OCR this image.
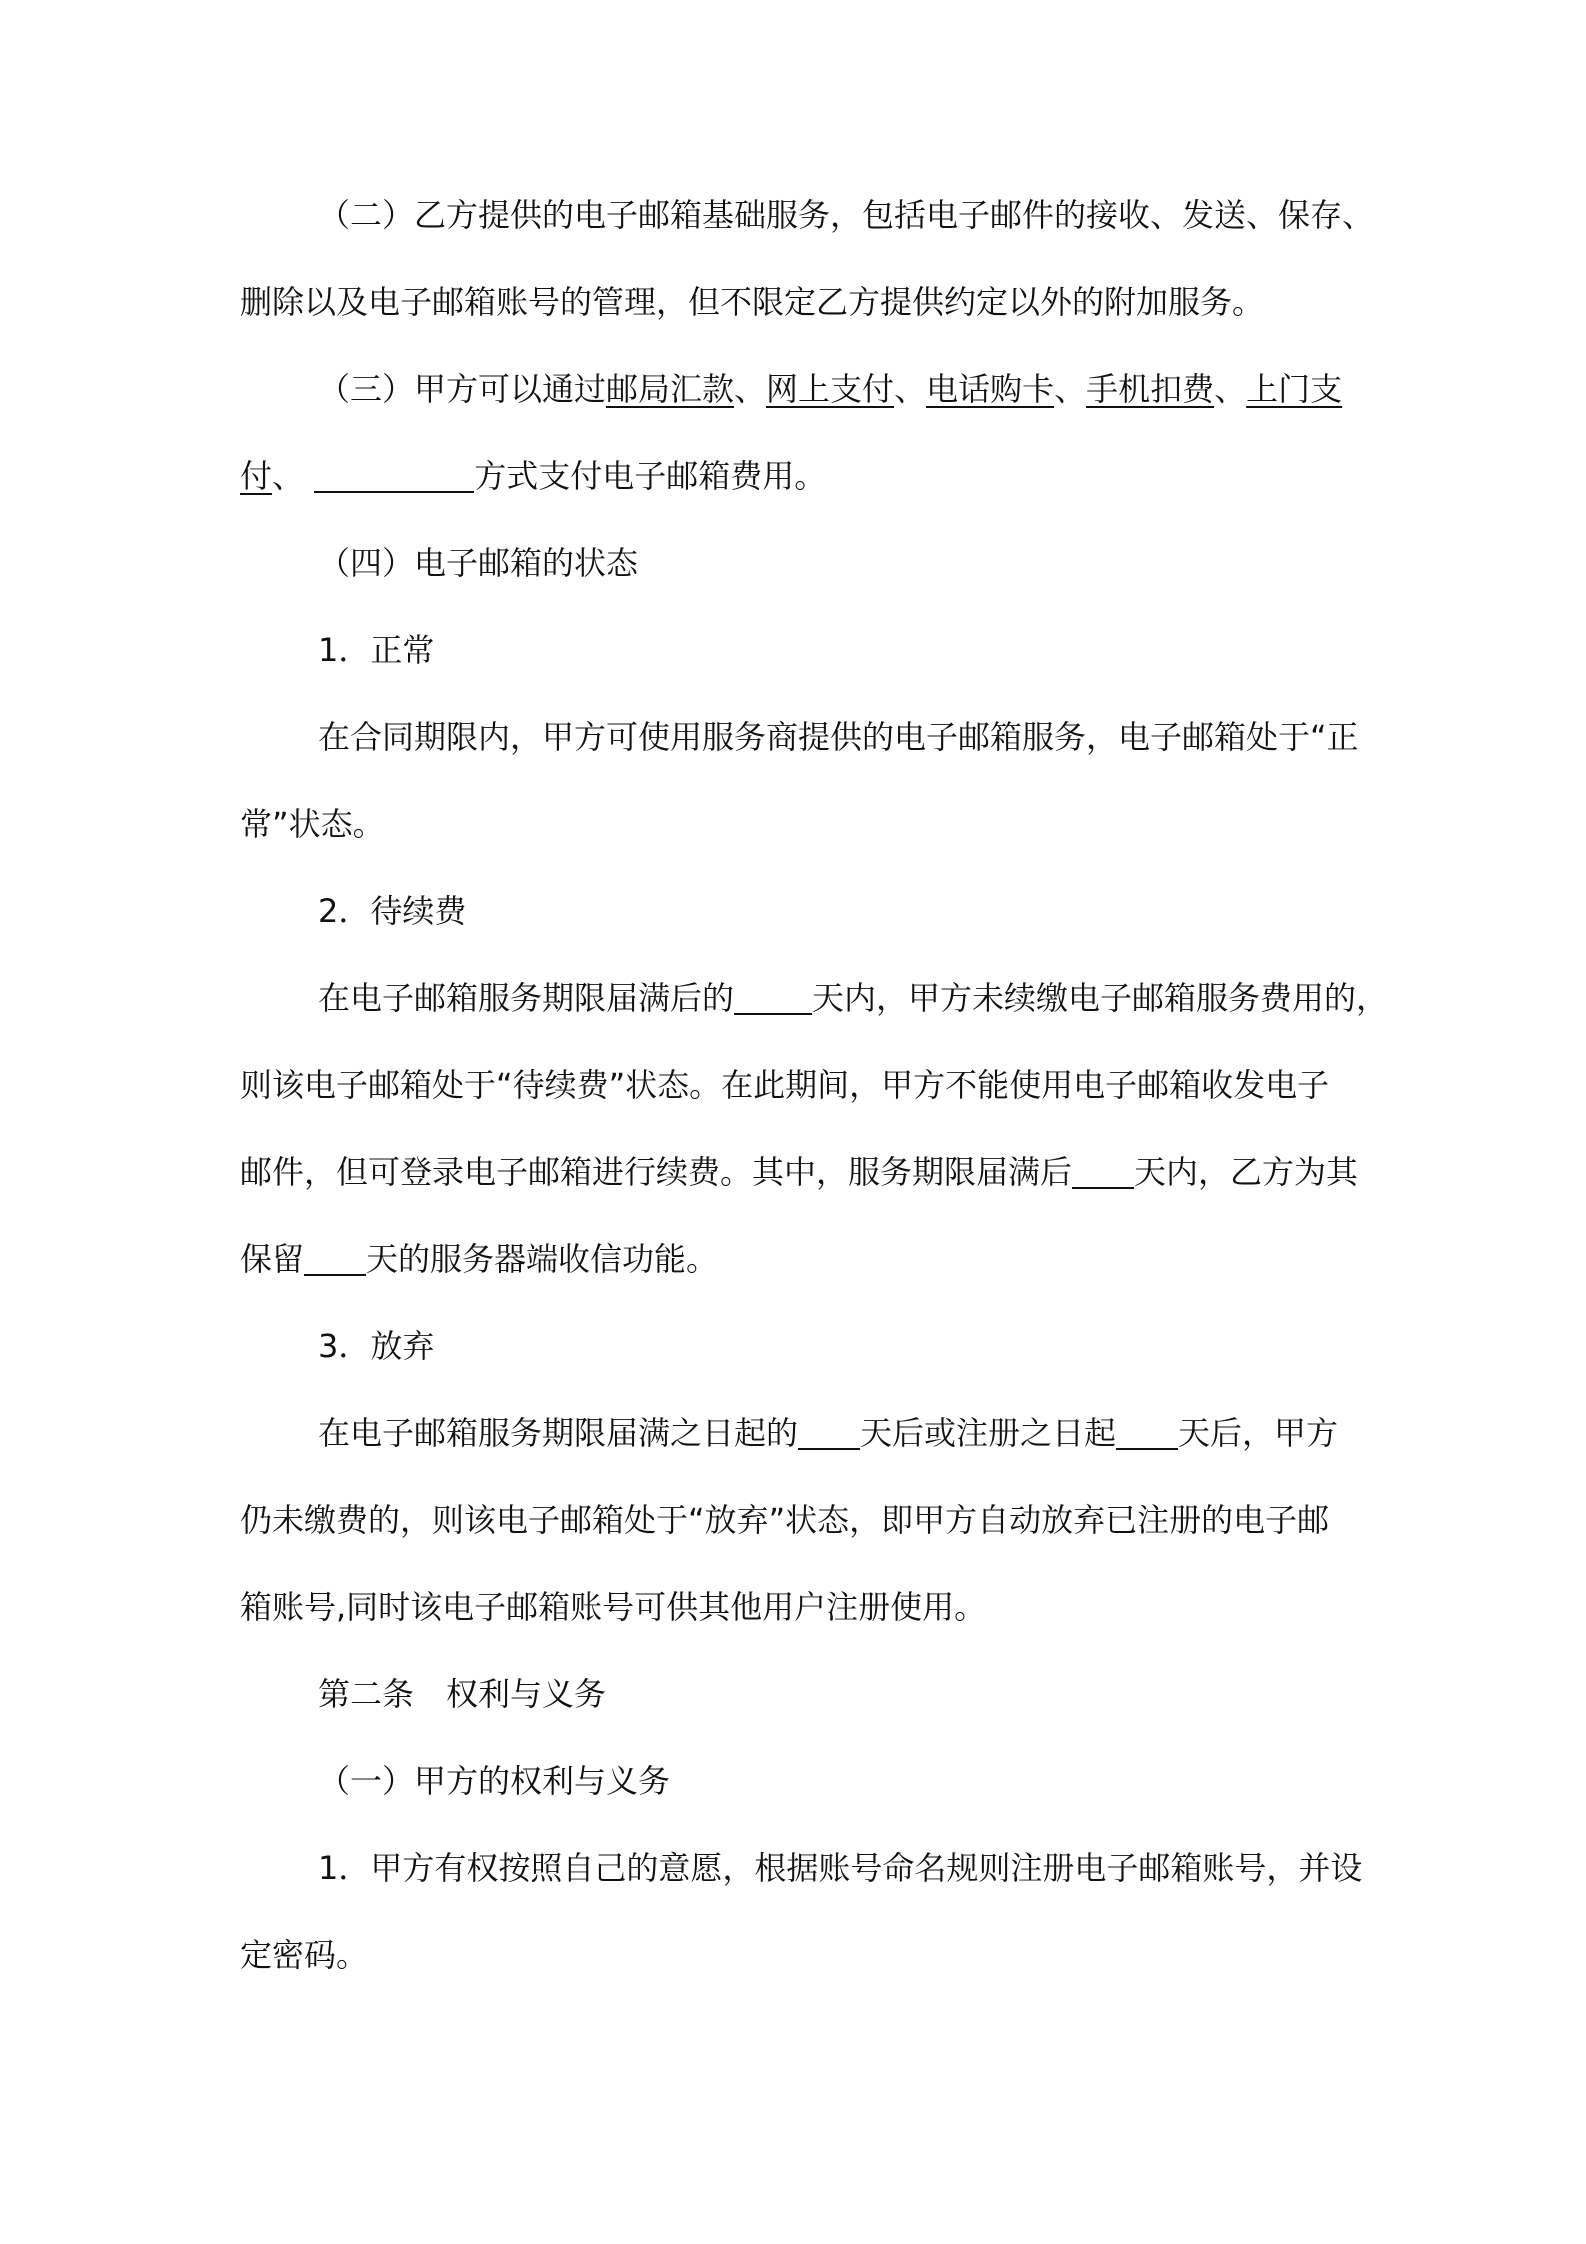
（二）乙方提供的电子邮箱基础服务，包括电子邮件的接收、发送、保存、

删除以及电子邮箱账号的管理，但不限定乙方提供约定以外的附加服务。

（三）甲方可以通过邮局汇款、网上支付、电话购卡、手机扣费、上门支

付、	方式支付电子邮箱费用。

（四）电子邮箱的状态

1．正常

在合同期限内，甲方可使用服务商提供的电子邮箱服务，电子邮箱处于“正

常”状态。

2．待续费

在电子邮箱服务期限届满后的 天内，甲方未续缴电子邮箱服务费用的，

则该电子邮箱处于“待续费”状态。在此期间，甲方不能使用电子邮箱收发电子

邮件，但可登录电子邮箱进行续费。其中，服务期限届满后 天内，乙方为其

保留 天的服务器端收信功能。

3．放弃

在电子邮箱服务期限届满之日起的 天后或注册之日起 天后，甲方

仍未缴费的，则该电子邮箱处于“放弃”状态，即甲方自动放弃已注册的电子邮

箱账号,同时该电子邮箱账号可供其他用户注册使用。

第二条　权利与义务

（一）甲方的权利与义务

1．甲方有权按照自己的意愿，根据账号命名规则注册电子邮箱账号，并设

定密码。
